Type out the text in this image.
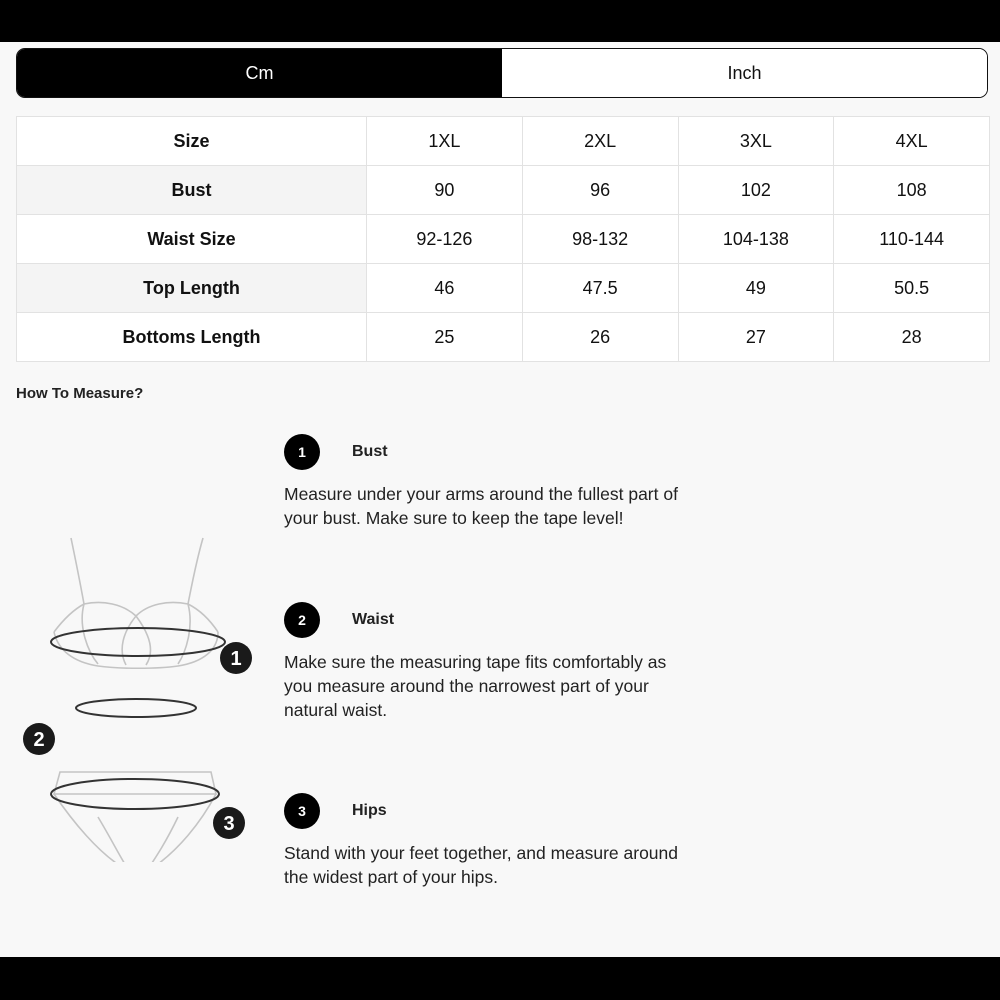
Cm	Inch
Size	1XL	2XL	3XL	4XL
Bust	90	96	102	108
Waist Size	92-126	98-132	104-138	110-144
Top Length	46	47.5	49	50.5
Bottoms Length	25	26	27	28
How To Measure?
1
2
3
1	Bust
Measure under your arms around the fullest part of your bust. Make sure to keep the tape level!
2	Waist
Make sure the measuring tape fits comfortably as you measure around the narrowest part of your natural waist.
3	Hips
Stand with your feet together, and measure around the widest part of your hips.
